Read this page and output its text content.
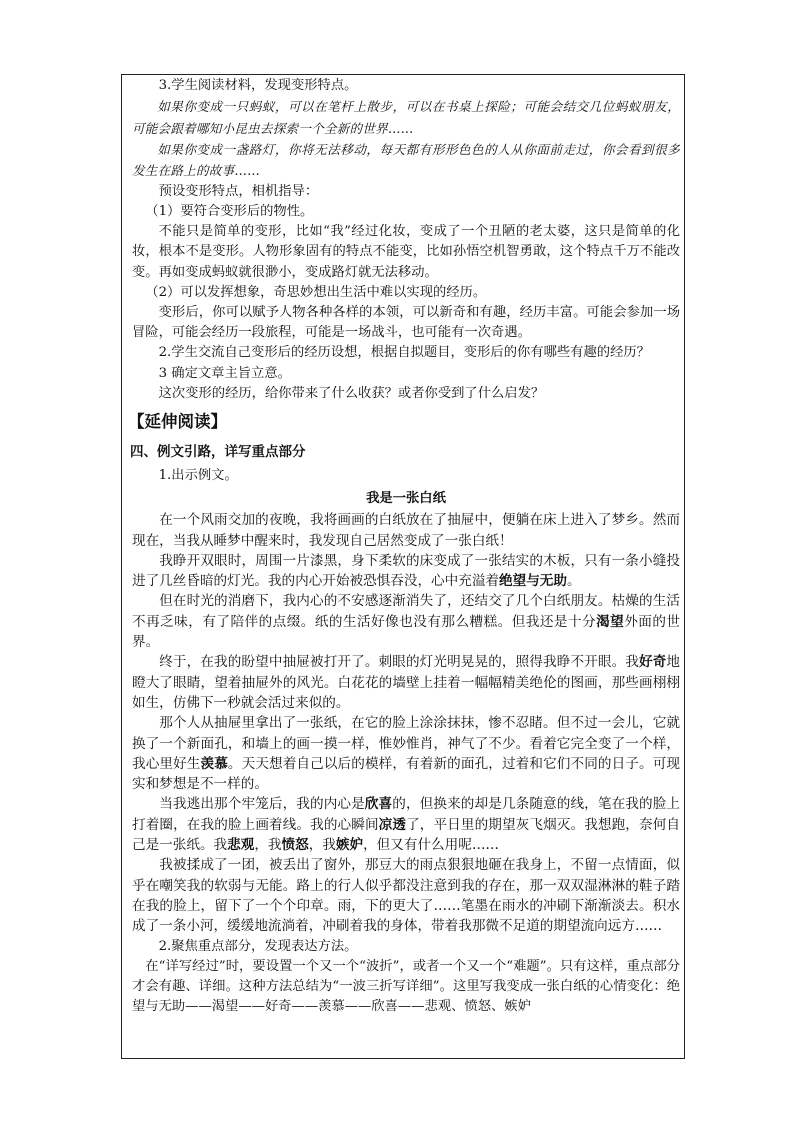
3.学生阅读材料，发现变形特点。

如果你变成一只蚂蚁，可以在笔杆上散步，可以在书桌上探险；可能会结交几位蚂蚁朋友，可能会跟着哪知小昆虫去探索一个全新的世界……

如果你变成一盏路灯，你将无法移动，每天都有形形色色的人从你面前走过，你会看到很多发生在路上的故事……

预设变形特点，相机指导：

（1）要符合变形后的物性。

不能只是简单的变形，比如“我”经过化妆，变成了一个丑陋的老太婆，这只是简单的化妆，根本不是变形。人物形象固有的特点不能变，比如孙悟空机智勇敢，这个特点千万不能改变。再如变成蚂蚁就很渺小，变成路灯就无法移动。

（2）可以发挥想象，奇思妙想出生活中难以实现的经历。

变形后，你可以赋予人物各种各样的本领，可以新奇和有趣，经历丰富。可能会参加一场冒险，可能会经历一段旅程，可能是一场战斗，也可能有一次奇遇。

2.学生交流自己变形后的经历设想，根据自拟题目，变形后的你有哪些有趣的经历？

3 确定文章主旨立意。

这次变形的经历，给你带来了什么收获？或者你受到了什么启发？

【延伸阅读】
四、例文引路，详写重点部分

1.出示例文。

我是一张白纸

在一个风雨交加的夜晚，我将画画的白纸放在了抽屉中，便躺在床上进入了梦乡。然而现在，当我从睡梦中醒来时，我发现自己居然变成了一张白纸！

我睁开双眼时，周围一片漆黑，身下柔软的床变成了一张结实的木板，只有一条小缝投进了几丝昏暗的灯光。我的内心开始被恐惧吞没，心中充溢着绝望与无助。

但在时光的消磨下，我内心的不安感逐渐消失了，还结交了几个白纸朋友。枯燥的生活不再乏味，有了陪伴的点缀。纸的生活好像也没有那么糟糕。但我还是十分渴望外面的世界。

终于，在我的盼望中抽屉被打开了。刺眼的灯光明晃晃的，照得我睁不开眼。我好奇地瞪大了眼睛，望着抽屉外的风光。白花花的墙壁上挂着一幅幅精美绝伦的图画，那些画栩栩如生，仿佛下一秒就会活过来似的。

那个人从抽屉里拿出了一张纸，在它的脸上涂涂抹抹，惨不忍睹。但不过一会儿，它就换了一个新面孔，和墙上的画一摸一样，惟妙惟肖，神气了不少。看着它完全变了一个样，我心里好生羡慕。天天想着自己以后的模样，有着新的面孔，过着和它们不同的日子。可现实和梦想是不一样的。

当我逃出那个牢笼后，我的内心是欣喜的，但换来的却是几条随意的线，笔在我的脸上打着圈，在我的脸上画着线。我的心瞬间凉透了，平日里的期望灰飞烟灭。我想跑，奈何自己是一张纸。我悲观，我愤怒，我嫉妒，但又有什么用呢……

我被揉成了一团，被丢出了窗外，那豆大的雨点狠狠地砸在我身上，不留一点情面，似乎在嘲笑我的软弱与无能。路上的行人似乎都没注意到我的存在，那一双双湿淋淋的鞋子踏在我的脸上，留下了一个个印章。雨，下的更大了……笔墨在雨水的冲刷下渐渐淡去。积水成了一条小河，缓缓地流淌着，冲刷着我的身体，带着我那微不足道的期望流向远方……

2.聚焦重点部分，发现表达方法。

在“详写经过”时，要设置一个又一个“波折”，或者一个又一个“难题”。只有这样，重点部分才会有趣、详细。这种方法总结为“一波三折写详细”。这里写我变成一张白纸的心情变化：绝望与无助——渴望——好奇——羡慕——欣喜——悲观、愤怒、嫉妒
